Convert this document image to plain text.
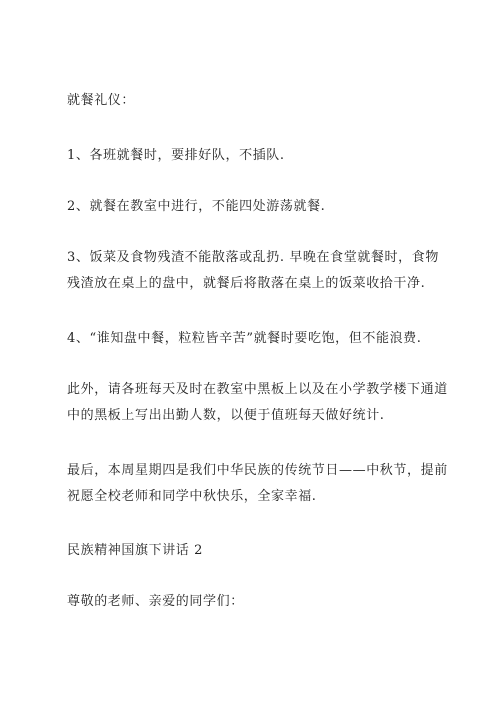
就餐礼仪：

1、各班就餐时，要排好队，不插队.

2、就餐在教室中进行，不能四处游荡就餐.

3、饭菜及食物残渣不能散落或乱扔. 早晚在食堂就餐时，食物
残渣放在桌上的盘中，就餐后将散落在桌上的饭菜收拾干净.

4、“谁知盘中餐，粒粒皆辛苦”就餐时要吃饱，但不能浪费.

此外，请各班每天及时在教室中黑板上以及在小学教学楼下通道
中的黑板上写出出勤人数，以便于值班每天做好统计.

最后，本周星期四是我们中华民族的传统节日——中秋节，提前
祝愿全校老师和同学中秋快乐，全家幸福.

民族精神国旗下讲话 2

尊敬的老师、亲爱的同学们：
